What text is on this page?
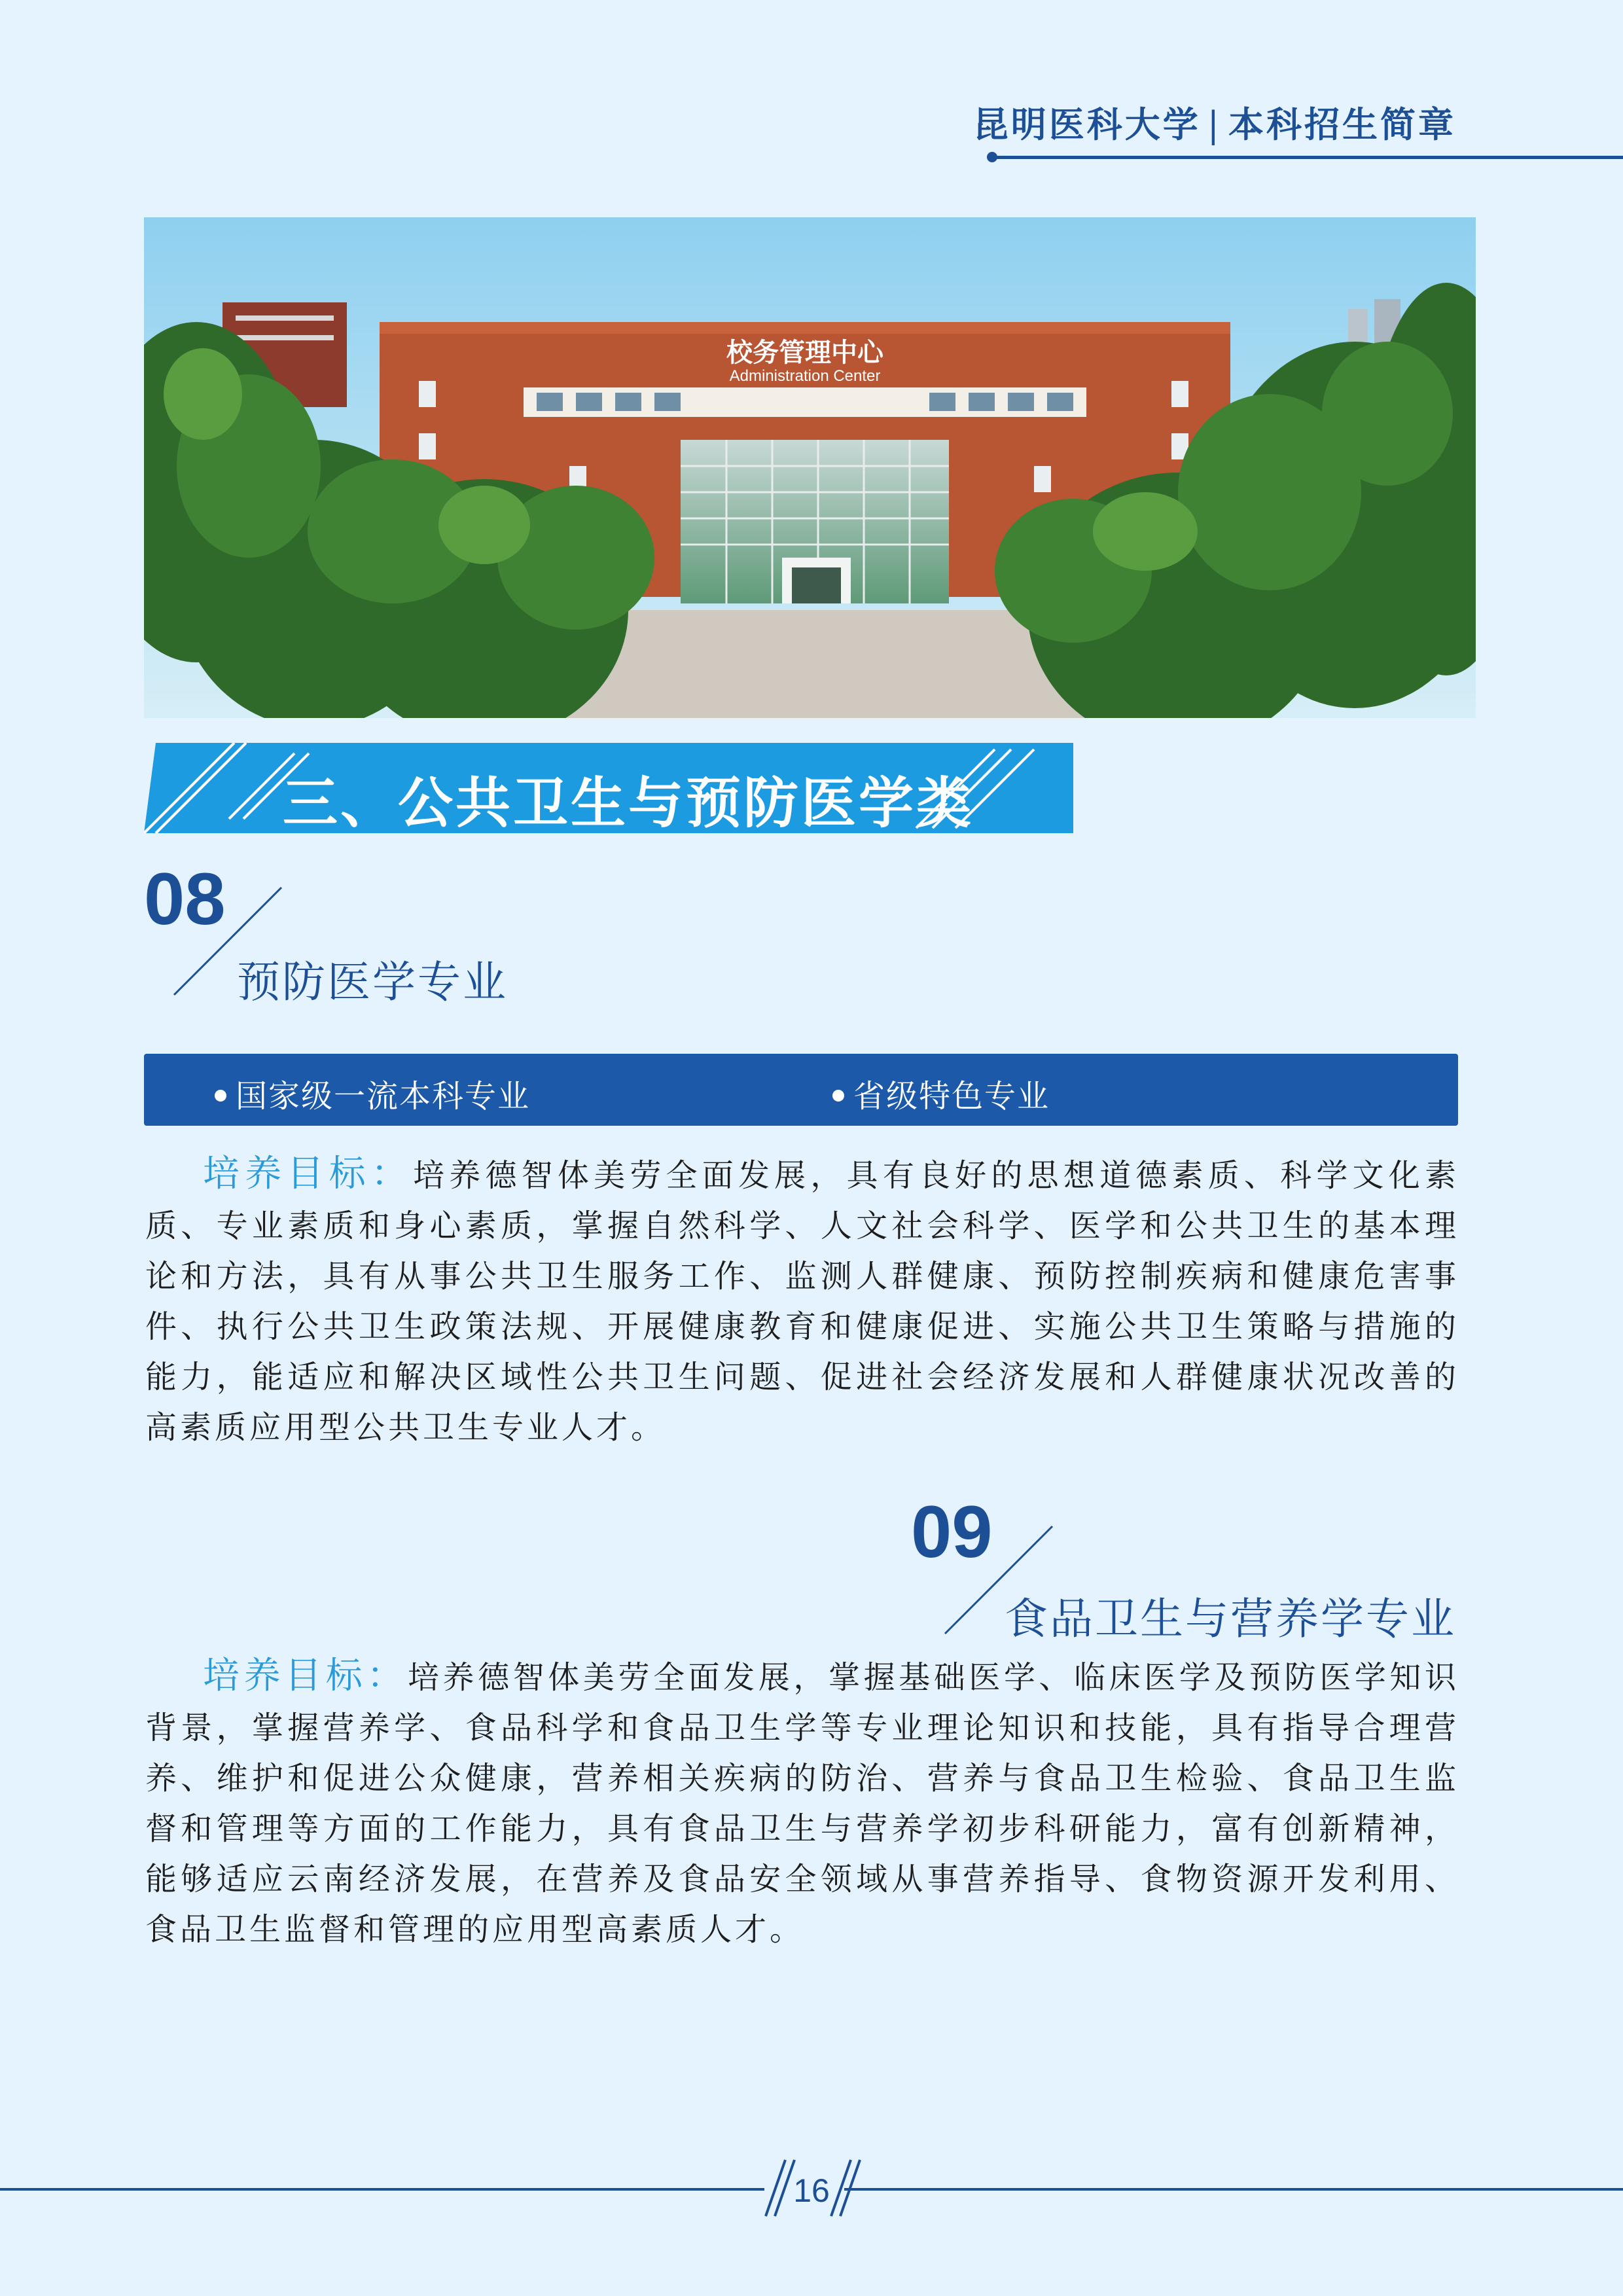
昆明医科大学 | 本科招生简章
校务管理中心
Administration Center
三、公共卫生与预防医学类
08
预防医学专业
国家级一流本科专业	省级特色专业
培养目标：培养德智体美劳全面发展，具有良好的思想道德素质、科学文化素质、专业素质和身心素质，掌握自然科学、人文社会科学、医学和公共卫生的基本理论和方法，具有从事公共卫生服务工作、监测人群健康、预防控制疾病和健康危害事件、执行公共卫生政策法规、开展健康教育和健康促进、实施公共卫生策略与措施的能力，能适应和解决区域性公共卫生问题、促进社会经济发展和人群健康状况改善的高素质应用型公共卫生专业人才。
09
食品卫生与营养学专业
培养目标：培养德智体美劳全面发展，掌握基础医学、临床医学及预防医学知识背景，掌握营养学、食品科学和食品卫生学等专业理论知识和技能，具有指导合理营养、维护和促进公众健康，营养相关疾病的防治、营养与食品卫生检验、食品卫生监督和管理等方面的工作能力，具有食品卫生与营养学初步科研能力，富有创新精神，能够适应云南经济发展，在营养及食品安全领域从事营养指导、食物资源开发利用、食品卫生监督和管理的应用型高素质人才。
16
